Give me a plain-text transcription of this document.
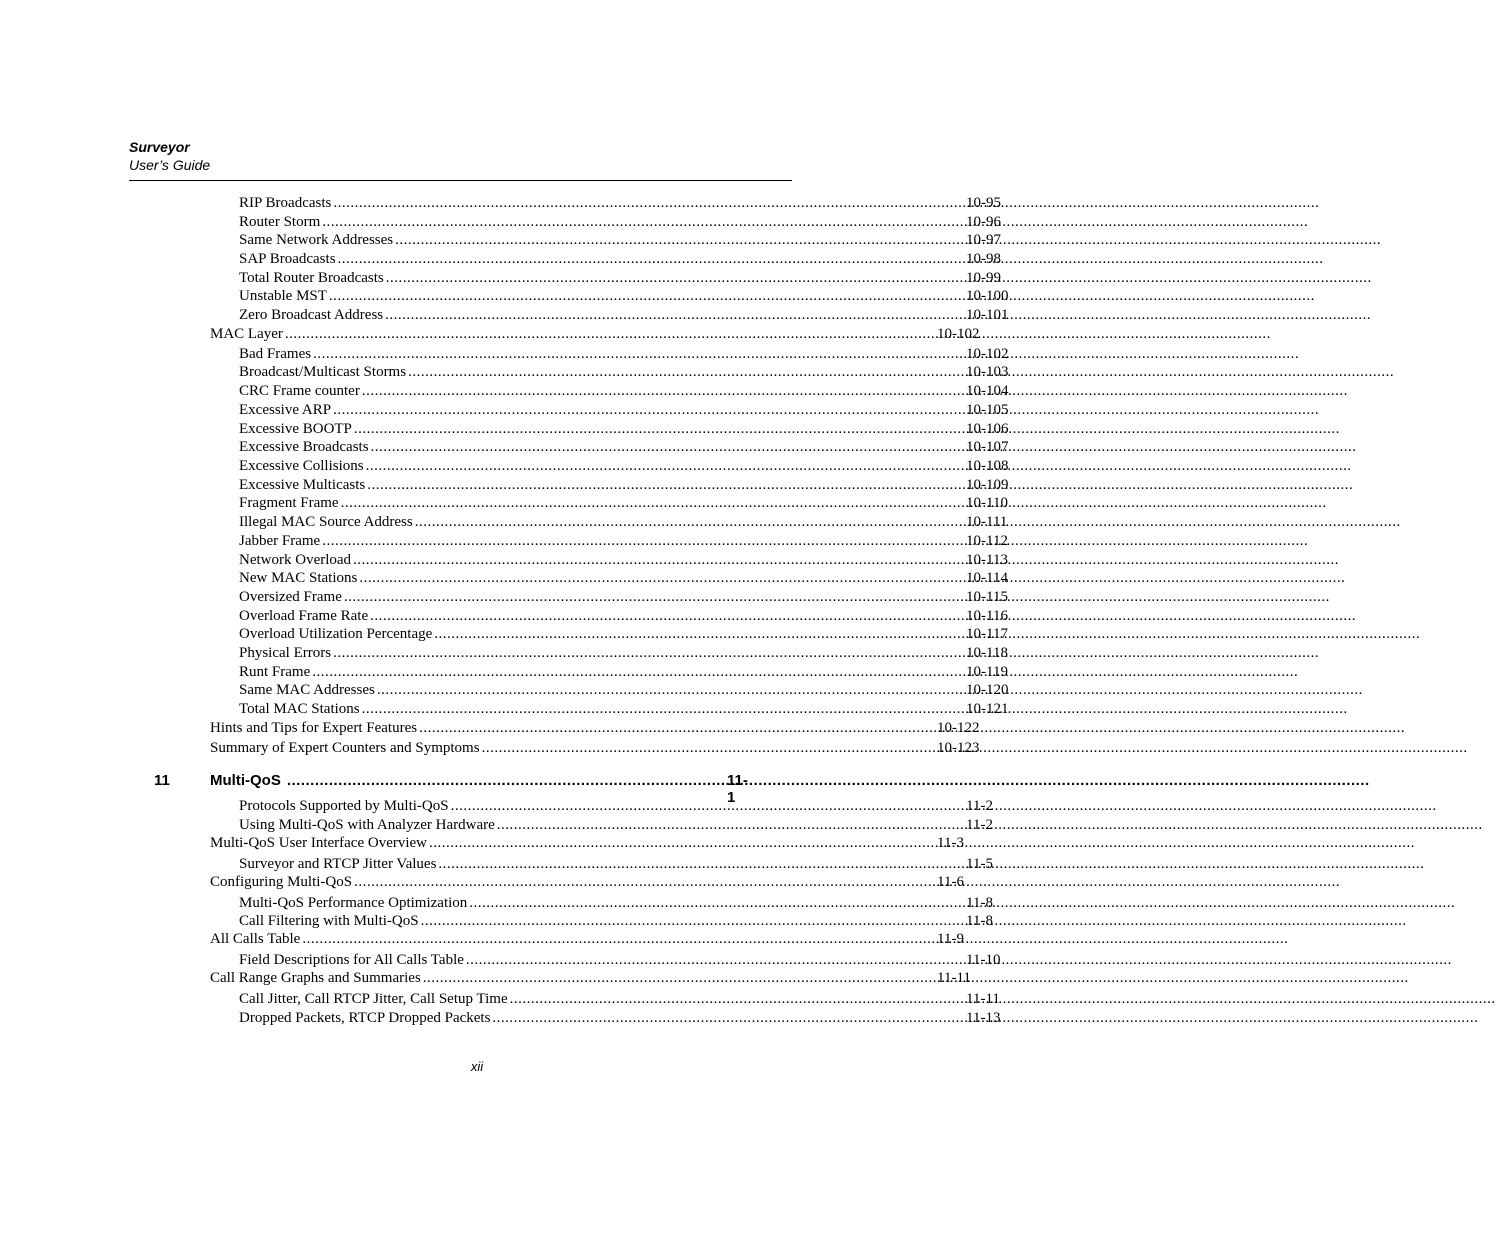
Surveyor
User’s Guide
RIP Broadcasts .....	10-95
Router Storm .....	10-96
Same Network Addresses .....	10-97
SAP Broadcasts .....	10-98
Total Router Broadcasts .....	10-99
Unstable MST .....	10-100
Zero Broadcast Address .....	10-101
MAC Layer .....	10-102
Bad Frames .....	10-102
Broadcast/Multicast Storms .....	10-103
CRC Frame counter .....	10-104
Excessive ARP .....	10-105
Excessive BOOTP .....	10-106
Excessive Broadcasts .....	10-107
Excessive Collisions .....	10-108
Excessive Multicasts .....	10-109
Fragment Frame .....	10-110
Illegal MAC Source Address .....	10-111
Jabber Frame .....	10-112
Network Overload .....	10-113
New MAC Stations .....	10-114
Oversized Frame .....	10-115
Overload Frame Rate .....	10-116
Overload Utilization Percentage .....	10-117
Physical Errors .....	10-118
Runt Frame .....	10-119
Same MAC Addresses .....	10-120
Total MAC Stations .....	10-121
Hints and Tips for Expert Features .....	10-122
Summary of Expert Counters and Symptoms .....	10-123
11	Multi-QoS .....	11-1
Protocols Supported by Multi-QoS .....	11-2
Using Multi-QoS with Analyzer Hardware .....	11-2
Multi-QoS User Interface Overview .....	11-3
Surveyor and RTCP Jitter Values .....	11-5
Configuring Multi-QoS .....	11-6
Multi-QoS Performance Optimization .....	11-8
Call Filtering with Multi-QoS .....	11-8
All Calls Table .....	11-9
Field Descriptions for All Calls Table .....	11-10
Call Range Graphs and Summaries .....	11-11
Call Jitter, Call RTCP Jitter, Call Setup Time .....	11-11
Dropped Packets, RTCP Dropped Packets .....	11-13
xii
